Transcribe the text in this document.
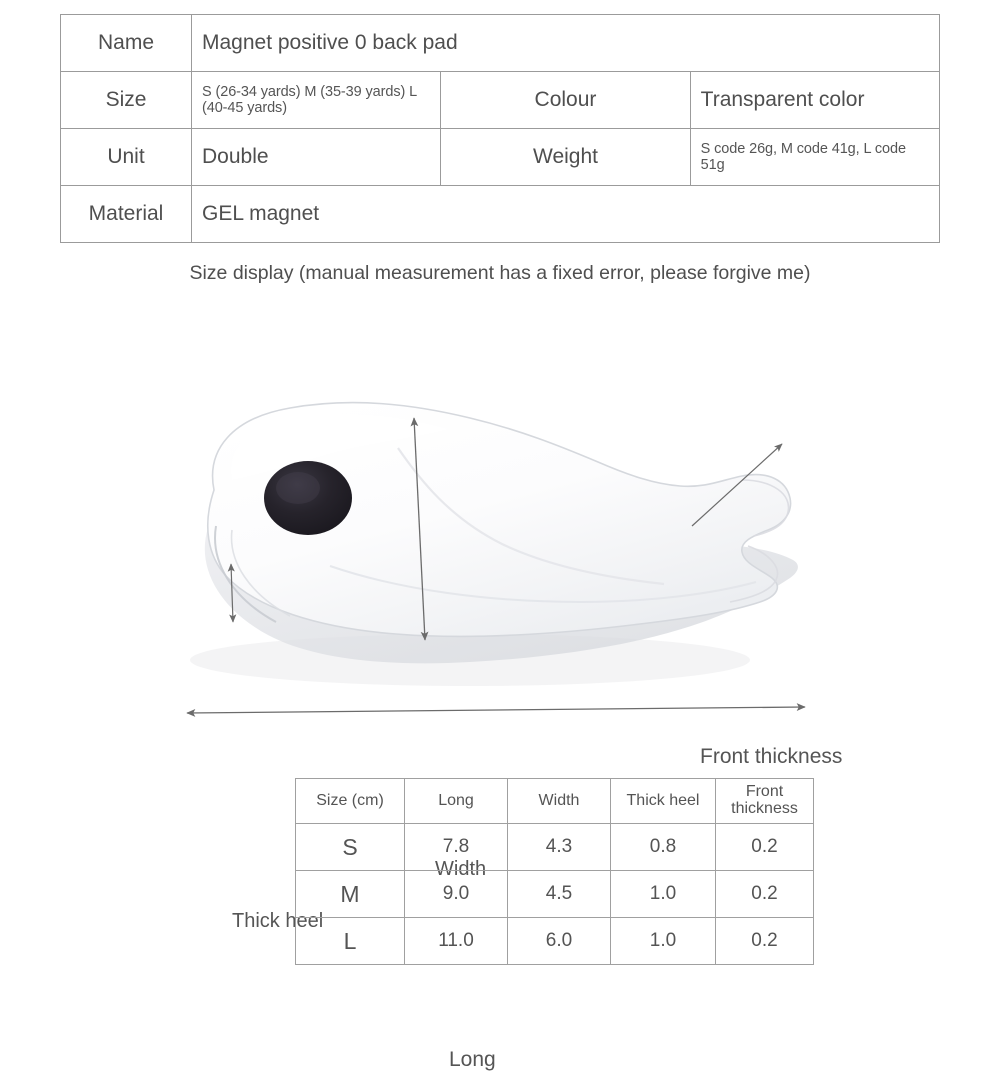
Name	Magnet positive 0 back pad		
Size	S (26-34 yards) M (35-39 yards) L (40-45 yards)	Colour	Transparent color
Unit	Double	Weight	S code 26g, M code 41g, L code 51g
Material	GEL magnet		
Size display (manual measurement has a fixed error, please forgive me)
Front thickness
Width
Thick heel
Long
Size (cm)	Long	Width	Thick heel	Front thickness
S	7.8	4.3	0.8	0.2
M	9.0	4.5	1.0	0.2
L	11.0	6.0	1.0	0.2
